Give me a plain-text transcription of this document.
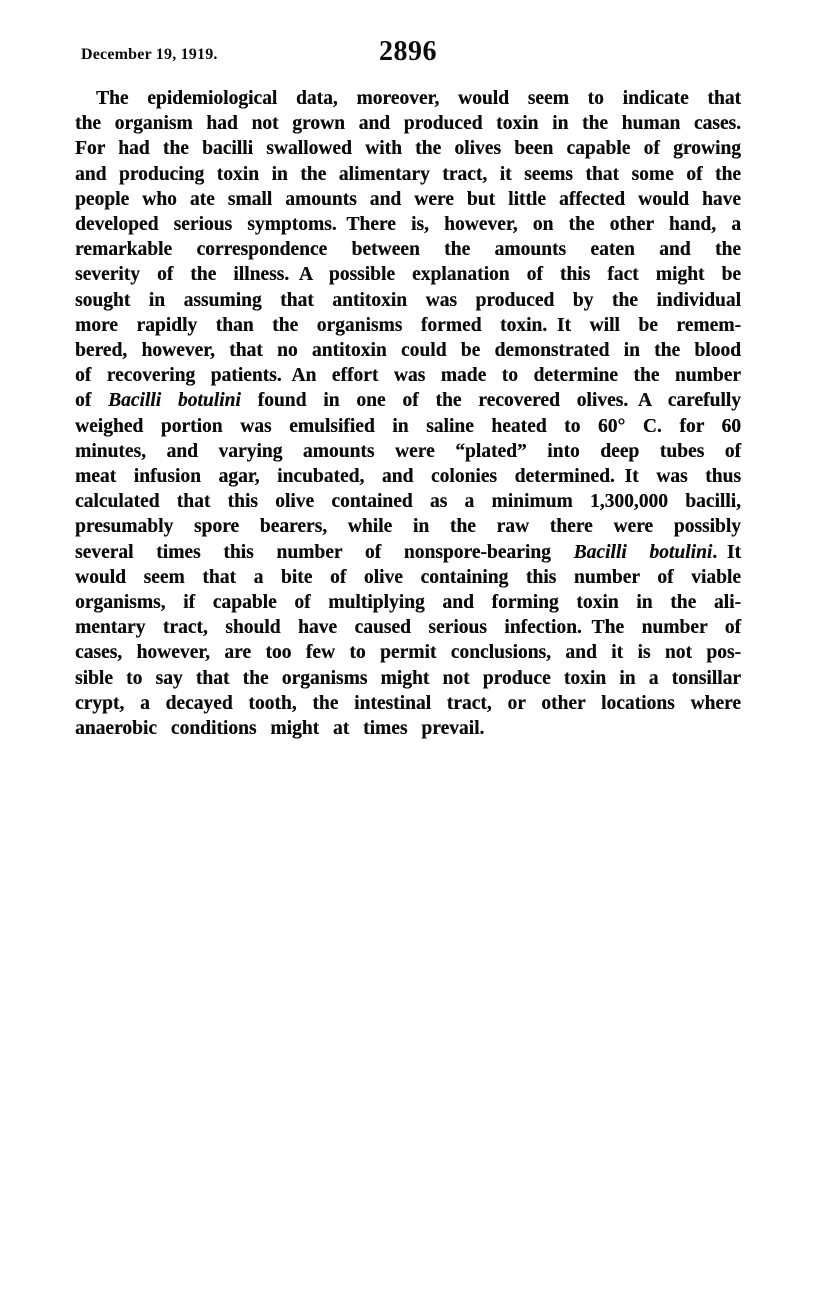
December 19, 1919.	2896
The epidemiological data, moreover, would seem to indicate that
the organism had not grown and produced toxin in the human cases.
For had the bacilli swallowed with the olives been capable of growing
and producing toxin in the alimentary tract, it seems that some of the
people who ate small amounts and were but little affected would have
developed serious symptoms. There is, however, on the other hand, a
remarkable correspondence between the amounts eaten and the
severity of the illness. A possible explanation of this fact might be
sought in assuming that antitoxin was produced by the individual
more rapidly than the organisms formed toxin. It will be remem-
bered, however, that no antitoxin could be demonstrated in the blood
of recovering patients. An effort was made to determine the number
of Bacilli botulini found in one of the recovered olives. A carefully
weighed portion was emulsified in saline heated to 60° C. for 60
minutes, and varying amounts were “plated” into deep tubes of
meat infusion agar, incubated, and colonies determined. It was thus
calculated that this olive contained as a minimum 1,300,000 bacilli,
presumably spore bearers, while in the raw there were possibly
several times this number of nonspore-bearing Bacilli botulini. It
would seem that a bite of olive containing this number of viable
organisms, if capable of multiplying and forming toxin in the ali-
mentary tract, should have caused serious infection. The number of
cases, however, are too few to permit conclusions, and it is not pos-
sible to say that the organisms might not produce toxin in a tonsillar
crypt, a decayed tooth, the intestinal tract, or other locations where
anaerobic conditions might at times prevail.
